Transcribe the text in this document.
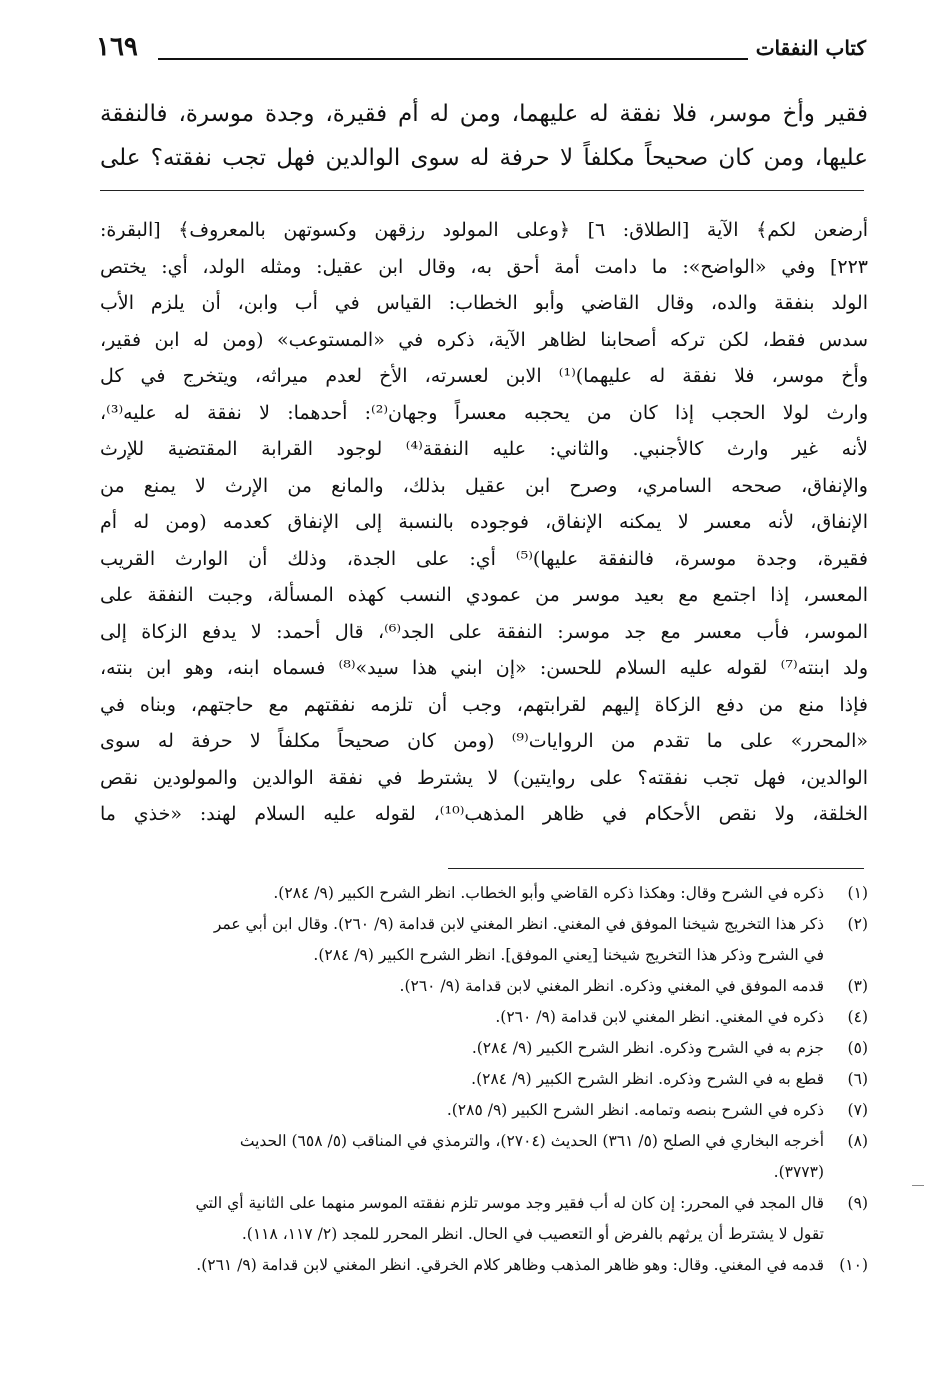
١٦٩	كتاب النفقات
فقير وأخ موسر، فلا نفقة له عليهما، ومن له أم فقيرة، وجدة موسرة، فالنفقة
عليها، ومن كان صحيحاً مكلفاً لا حرفة له سوى الوالدين فهل تجب نفقته؟ على
أرضعن لكم﴾ الآية [الطلاق: ٦] ﴿وعلى المولود رزقهن وكسوتهن بالمعروف﴾ [البقرة:
٢٢٣] وفي «الواضح»: ما دامت أمة أحق به، وقال ابن عقيل: ومثله الولد، أي: يختص
الولد بنفقة والده، وقال القاضي وأبو الخطاب: القياس في أب وابن، أن يلزم الأب
سدس فقط، لكن تركه أصحابنا لظاهر الآية، ذكره في «المستوعب» (ومن له ابن فقير،
وأخ موسر، فلا نفقة له عليهما)⁽¹⁾ الابن لعسرته، الأخ لعدم ميراثه، ويتخرج في كل
وارث لولا الحجب إذا كان من يحجبه معسراً وجهان⁽²⁾: أحدهما: لا نفقة له عليه⁽³⁾،
لأنه غير وارث كالأجنبي. والثاني: عليه النفقة⁽⁴⁾ لوجود القرابة المقتضية للإرث
والإنفاق، صححه السامري، وصرح ابن عقيل بذلك، والمانع من الإرث لا يمنع من
الإنفاق، لأنه معسر لا يمكنه الإنفاق، فوجوده بالنسبة إلى الإنفاق كعدمه (ومن له أم
فقيرة، وجدة موسرة، فالنفقة عليها)⁽⁵⁾ أي: على الجدة، وذلك أن الوارث القريب
المعسر، إذا اجتمع مع بعيد موسر من عمودي النسب كهذه المسألة، وجبت النفقة على
الموسر، فأب معسر مع جد موسر: النفقة على الجد⁽⁶⁾، قال أحمد: لا يدفع الزكاة إلى
ولد ابنته⁽⁷⁾ لقوله عليه السلام للحسن: «إن ابني هذا سيد»⁽⁸⁾ فسماه ابنه، وهو ابن بنته،
فإذا منع من دفع الزكاة إليهم لقرابتهم، وجب أن تلزمه نفقتهم مع حاجتهم، وبناه في
«المحرر» على ما تقدم من الروايات⁽⁹⁾ (ومن كان صحيحاً مكلفاً لا حرفة له سوى
الوالدين، فهل تجب نفقته؟ على روايتين) لا يشترط في نفقة الوالدين والمولودين نقص
الخلقة، ولا نقص الأحكام في ظاهر المذهب⁽¹⁰⁾، لقوله عليه السلام لهند: «خذي ما
(١)
ذكره في الشرح وقال: وهكذا ذكره القاضي وأبو الخطاب. انظر الشرح الكبير (٩/ ٢٨٤).
(٢)
ذكر هذا التخريج شيخنا الموفق في المغني. انظر المغني لابن قدامة (٩/ ٢٦٠). وقال ابن أبي عمر
في الشرح وذكر هذا التخريج شيخنا [يعني الموفق]. انظر الشرح الكبير (٩/ ٢٨٤).
(٣)
قدمه الموفق في المغني وذكره. انظر المغني لابن قدامة (٩/ ٢٦٠).
(٤)
ذكره في المغني. انظر المغني لابن قدامة (٩/ ٢٦٠).
(٥)
جزم به في الشرح وذكره. انظر الشرح الكبير (٩/ ٢٨٤).
(٦)
قطع به في الشرح وذكره. انظر الشرح الكبير (٩/ ٢٨٤).
(٧)
ذكره في الشرح بنصه وتمامه. انظر الشرح الكبير (٩/ ٢٨٥).
(٨)
أخرجه البخاري في الصلح (٥/ ٣٦١) الحديث (٢٧٠٤)، والترمذي في المناقب (٥/ ٦٥٨) الحديث
(٣٧٧٣).
(٩)
قال المجد في المحرر: إن كان له أب فقير وجد موسر تلزم نفقته الموسر منهما على الثانية أي التي
تقول لا يشترط أن يرثهم بالفرض أو التعصيب في الحال. انظر المحرر للمجد (٢/ ١١٧، ١١٨).
(١٠)
قدمه في المغني. وقال: وهو ظاهر المذهب وظاهر كلام الخرقي. انظر المغني لابن قدامة (٩/ ٢٦١).
